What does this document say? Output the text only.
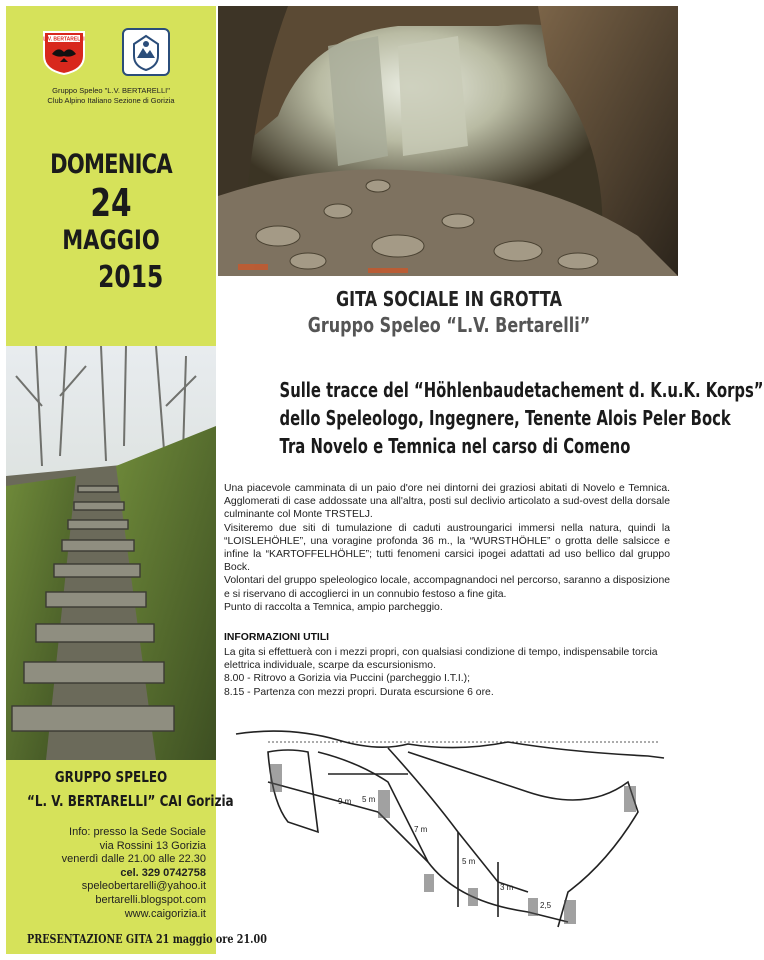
L.V. BERTARELLI
Gruppo Speleo "L.V. BERTARELLI"
Club Alpino Italiano Sezione di Gorizia
DOMENICA
24
MAGGIO
2015
GRUPPO SPELEO
“L. V. BERTARELLI” CAI Gorizia
Info: presso la Sede Sociale
via Rossini 13 Gorizia
venerdì dalle 21.00 alle 22.30
cel. 329 0742758
speleobertarelli@yahoo.it
bertarelli.blogspot.com
www.caigorizia.it
PRESENTAZIONE GITA 21 maggio ore 21.00
GITA SOCIALE IN GROTTA
Gruppo Speleo “L.V. Bertarelli”
Sulle tracce del “Höhlenbaudetachement d. K.u.K. Korps”
dello Speleologo, Ingegnere, Tenente Alois Peler Bock
Tra Novelo e Temnica nel carso di Comeno

Una piacevole camminata di un paio d'ore nei dintorni dei graziosi abitati di Novelo e Temnica. Agglomerati di case addossate una all'altra, posti sul declivio articolato a sud-ovest della dorsale culminante col Monte TRSTELJ.

Visiteremo due siti di tumulazione di caduti austroungarici immersi nella natura, quindi la “LOISLEHÖHLE”, una voragine profonda 36 m., la “WURSTHÖHLE” o grotta delle salsicce e infine la “KARTOFFELHÖHLE”; tutti fenomeni carsici ipogei adattati ad uso bellico dal gruppo Bock.

Volontari del gruppo speleologico locale, accompagnandoci nel percorso, saranno a disposizione e si riservano di accoglierci in un connubio festoso a fine gita.

Punto di raccolta a Temnica, ampio parcheggio.

INFORMAZIONI UTILI

La gita si effettuerà con i mezzi propri, con qualsiasi condizione di tempo, indispensabile torcia elettrica individuale, scarpe da escursionismo.

8.00 - Ritrovo a Gorizia via Puccini (parcheggio I.T.I.);

8.15 - Partenza con mezzi propri. Durata escursione 6 ore.

9 m 5 m
7 m
5 m
3 m
2,5
